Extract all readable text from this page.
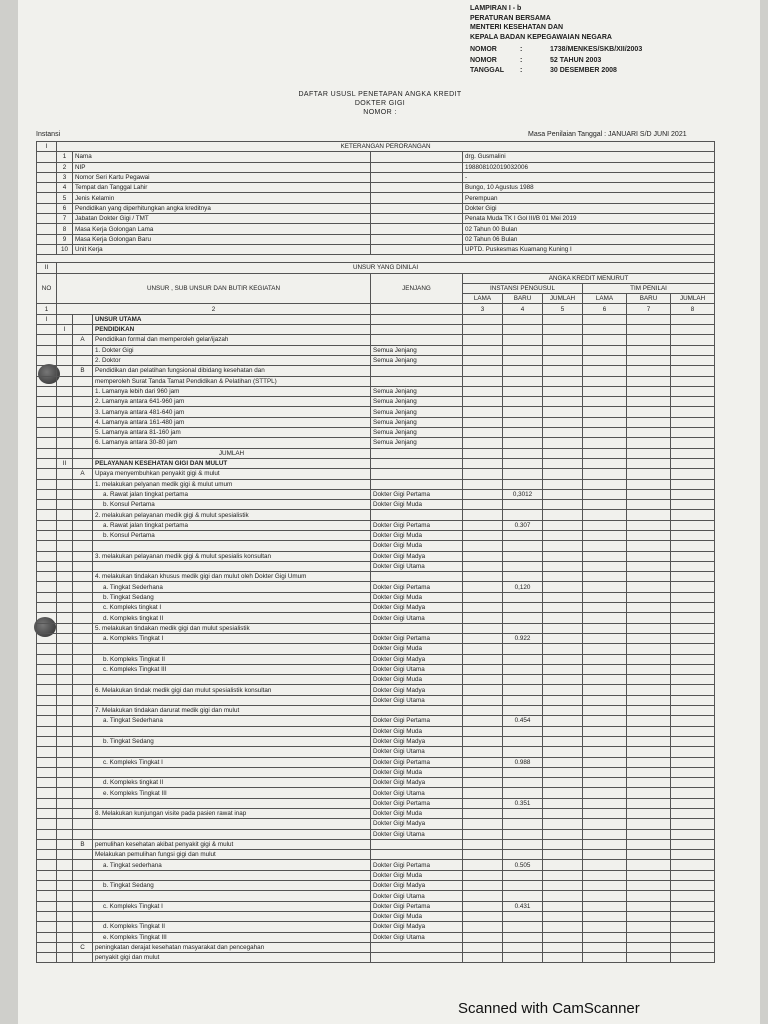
LAMPIRAN I - b
PERATURAN BERSAMA
MENTERI KESEHATAN DAN
KEPALA BADAN KEPEGAWAIAN NEGARA
NOMOR	:	1738/MENKES/SKB/XII/2003
NOMOR	:	52 TAHUN 2003
TANGGAL	:	30 DESEMBER 2008
DAFTAR USUSL PENETAPAN ANGKA KREDIT
DOKTER GIGI
NOMOR :
Instansi	Masa Penilaian Tanggal : JANUARI S/D JUNI 2021
I	KETERANGAN PERORANGAN									
	1	Nama			drg. Gusmalini					
	2	NIP			198808102019032006					
	3	Nomor Seri Kartu Pegawai			-					
	4	Tempat dan Tanggal Lahir			Bungo, 10 Agustus 1988					
	5	Jenis Kelamin			Perempuan					
	6	Pendidikan yang diperhitungkan angka kreditnya			Dokter Gigi					
	7	Jabatan Dokter Gigi / TMT			Penata Muda TK I Gol III/B 01 Mei 2019					
	8	Masa Kerja Golongan Lama			02 Tahun 00 Bulan					
	9	Masa Kerja Golongan Baru			02 Tahun 06 Bulan					
	10	Unit Kerja			UPTD. Puskesmas Kuamang Kuning I					

II	UNSUR YANG DINILAI									
NO	UNSUR , SUB UNSUR DAN BUTIR KEGIATAN			JENJANG	ANGKA KREDIT MENURUT					
					INSTANSI PENGUSUL			TIM PENILAI		
					LAMA	BARU	JUMLAH	LAMA	BARU	JUMLAH
1	2				3	4	5	6	7	8
I			UNSUR UTAMA							
	I		PENDIDIKAN							
		A	Pendidikan formal dan memperoleh gelar/ijazah							
			1. Dokter Gigi	Semua Jenjang						
			2. Doktor	Semua Jenjang						
		B	Pendidikan dan pelatihan fungsional dibidang kesehatan dan							
			memperoleh Surat Tanda Tamat Pendidikan & Pelatihan (STTPL)							
			1. Lamanya lebih dari 960 jam	Semua Jenjang						
			2. Lamanya antara 641-960 jam	Semua Jenjang						
			3. Lamanya antara 481-640 jam	Semua Jenjang						
			4. Lamanya antara 161-480 jam	Semua Jenjang						
			5. Lamanya antara 81-160 jam	Semua Jenjang						
			6. Lamanya antara 30-80 jam	Semua Jenjang						
			JUMLAH							
	II		PELAYANAN KESEHATAN GIGI DAN MULUT							
		A	Upaya menyembuhkan penyakit gigi & mulut							
			1. melakukan pelyanan medik gigi & mulut umum							
			a. Rawat jalan tingkat pertama	Dokter Gigi Pertama		0,3012				
			b. Konsul Pertama	Dokter Gigi Muda						
			2. melakukan pelayanan medik gigi & mulut spesialistik							
			a. Rawat jalan tingkat pertama	Dokter Gigi Pertama		0.307				
			b. Konsul Pertama	Dokter Gigi Muda						
				Dokter Gigi Muda						
			3. melakukan pelayanan medik gigi & mulut spesialis konsultan	Dokter Gigi Madya						
				Dokter Gigi Utama						
			4. melakukan tindakan khusus medik gigi dan mulut oleh Dokter Gigi Umum							
			a. Tingkat Sederhana	Dokter Gigi Pertama		0,120				
			b. Tingkat Sedang	Dokter Gigi Muda						
			c. Kompleks tingkat I	Dokter Gigi Madya						
			d. Kompleks tingkat II	Dokter Gigi Utama						
			5. melakukan tindakan medik gigi dan mulut spesialistik							
			a. Kompleks Tingkat I	Dokter Gigi Pertama		0.922				
				Dokter Gigi Muda						
			b. Kompleks Tingkat II	Dokter Gigi Madya						
			c. Kompleks Tingkat III	Dokter Gigi Utama						
				Dokter Gigi Muda						
			6. Melakukan tindak medik gigi dan mulut spesialistik konsultan	Dokter Gigi Madya						
				Dokter Gigi Utama						
			7. Melakukan tindakan darurat medik gigi dan mulut							
			a. Tingkat Sederhana	Dokter Gigi Pertama		0.454				
				Dokter Gigi Muda						
			b. Tingkat Sedang	Dokter Gigi Madya						
				Dokter Gigi Utama						
			c. Kompleks Tingkat I	Dokter Gigi Pertama		0.988				
				Dokter Gigi Muda						
			d. Kompleks tingkat II	Dokter Gigi Madya						
			e. Kompleks Tingkat III	Dokter Gigi Utama						
				Dokter Gigi Pertama		0.351				
			8. Melakukan kunjungan visite pada pasien rawat inap	Dokter Gigi Muda						
				Dokter Gigi Madya						
				Dokter Gigi Utama						
		B	pemulihan kesehatan akibat penyakit gigi & mulut							
			Melakukan pemulihan fungsi gigi dan mulut							
			a. Tingkat sederhana	Dokter Gigi Pertama		0.505				
				Dokter Gigi Muda						
			b. Tingkat Sedang	Dokter Gigi Madya						
				Dokter Gigi Utama						
			c. Kompleks Tingkat I	Dokter Gigi Pertama		0.431				
				Dokter Gigi Muda						
			d. Kompleks Tingkat II	Dokter Gigi Madya						
			e. Kompleks Tingkat III	Dokter Gigi Utama						
		C	peningkatan derajat kesehatan masyarakat dan pencegahan							
			penyakit gigi dan mulut							
Scanned with CamScanner
